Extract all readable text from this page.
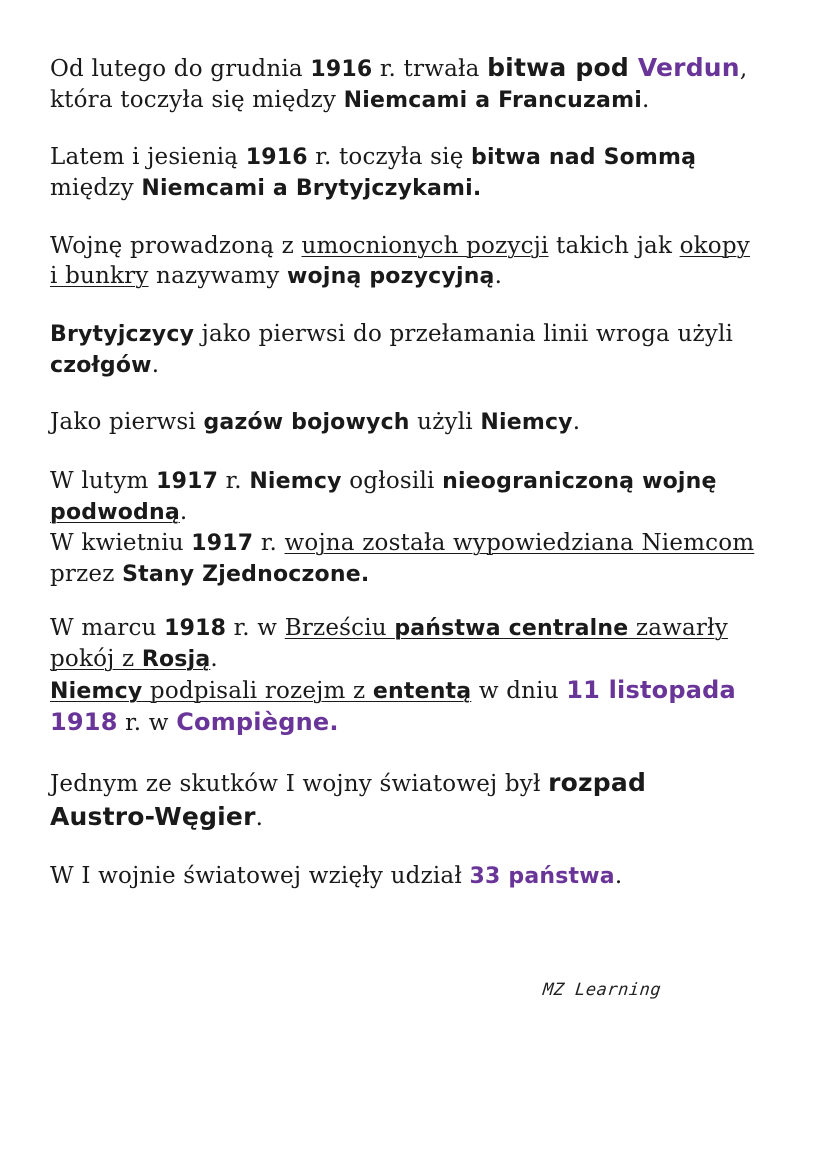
Od lutego do grudnia 1916 r. trwała bitwa pod Verdun,
która toczyła się między Niemcami a Francuzami.

Latem i jesienią 1916 r. toczyła się bitwa nad Sommą
między Niemcami a Brytyjczykami.

Wojnę prowadzoną z umocnionych pozycji takich jak okopy
i bunkry nazywamy wojną pozycyjną.

Brytyjczycy jako pierwsi do przełamania linii wroga użyli
czołgów.

Jako pierwsi gazów bojowych użyli Niemcy.

W lutym 1917 r. Niemcy ogłosili nieograniczoną wojnę
podwodną.
W kwietniu 1917 r. wojna została wypowiedziana Niemcom
przez Stany Zjednoczone.

W marcu 1918 r. w Brześciu państwa centralne zawarły
pokój z Rosją.
Niemcy podpisali rozejm z ententą w dniu 11 listopada
1918 r. w Compiègne.

Jednym ze skutków I wojny światowej był rozpad
Austro-Węgier.

W I wojnie światowej wzięły udział 33 państwa.

MZ Learning
